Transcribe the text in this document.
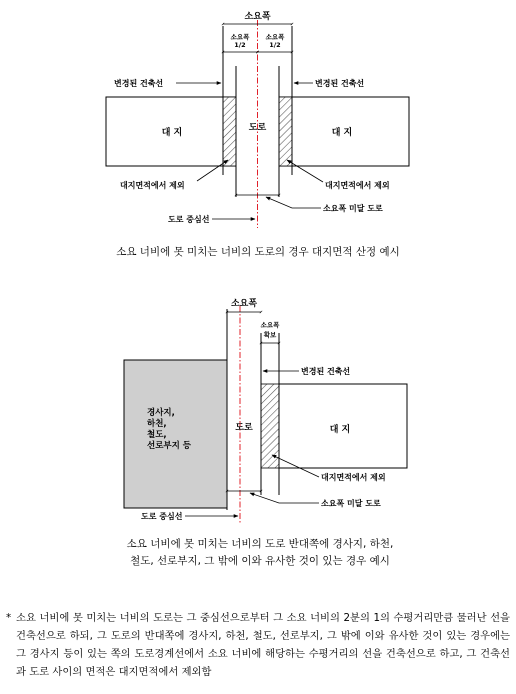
소요폭
소요폭
1/2
소요폭
1/2
변경된 건축선	변경된 건축선
대 지	대 지
도로
대지면적에서 제외	대지면적에서 제외
소요폭 미달 도로
도로 중심선
소요폭
소요폭
확보
변경된 건축선
경사지,
하천,
철도,
선로부지 등
도로	대 지
대지면적에서 제외
소요폭 미달 도로
도로 중심선
소요 너비에 못 미치는 너비의 도로의 경우 대지면적 산정 예시
소요 너비에 못 미치는 너비의 도로 반대쪽에 경사지, 하천,
철도, 선로부지, 그 밖에 이와 유사한 것이 있는 경우 예시
* 소요 너비에 못 미치는 너비의 도로는 그 중심선으로부터 그 소요 너비의 2분의 1의 수평거리만큼 물러난 선을 건축선으로 하되, 그 도로의 반대쪽에 경사지, 하천, 철도, 선로부지, 그 밖에 이와 유사한 것이 있는 경우에는 그 경사지 등이 있는 쪽의 도로경계선에서 소요 너비에 해당하는 수평거리의 선을 건축선으로 하고, 그 건축선과 도로 사이의 면적은 대지면적에서 제외함
